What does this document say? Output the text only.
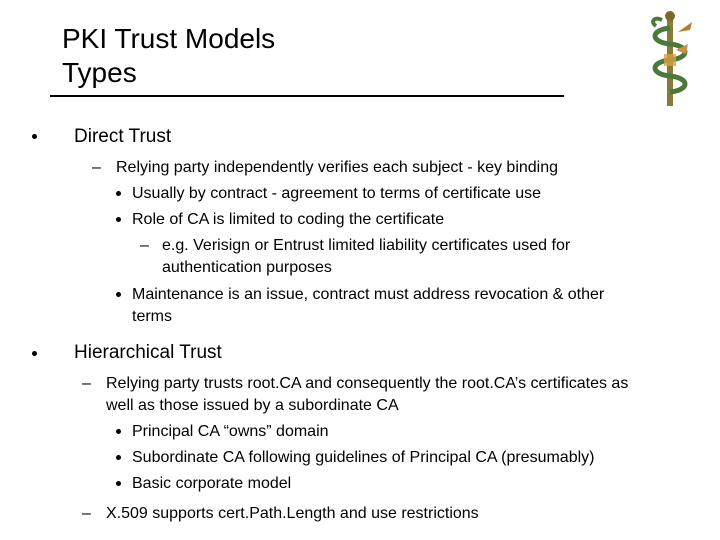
PKI Trust Models
Types

Direct Trust

– Relying party independently verifies each subject - key binding

Usually by contract - agreement to terms of certificate use

Role of CA is limited to coding the certificate

– e.g. Verisign or Entrust limited liability certificates used for

authentication purposes

Maintenance is an issue, contract must address revocation & other

terms

Hierarchical Trust

– Relying party trusts root.CA and consequently the root.CA’s certificates as

well as those issued by a subordinate CA

Principal CA “owns” domain

Subordinate CA following guidelines of Principal CA (presumably)

Basic corporate model

– X.509 supports cert.Path.Length and use restrictions
